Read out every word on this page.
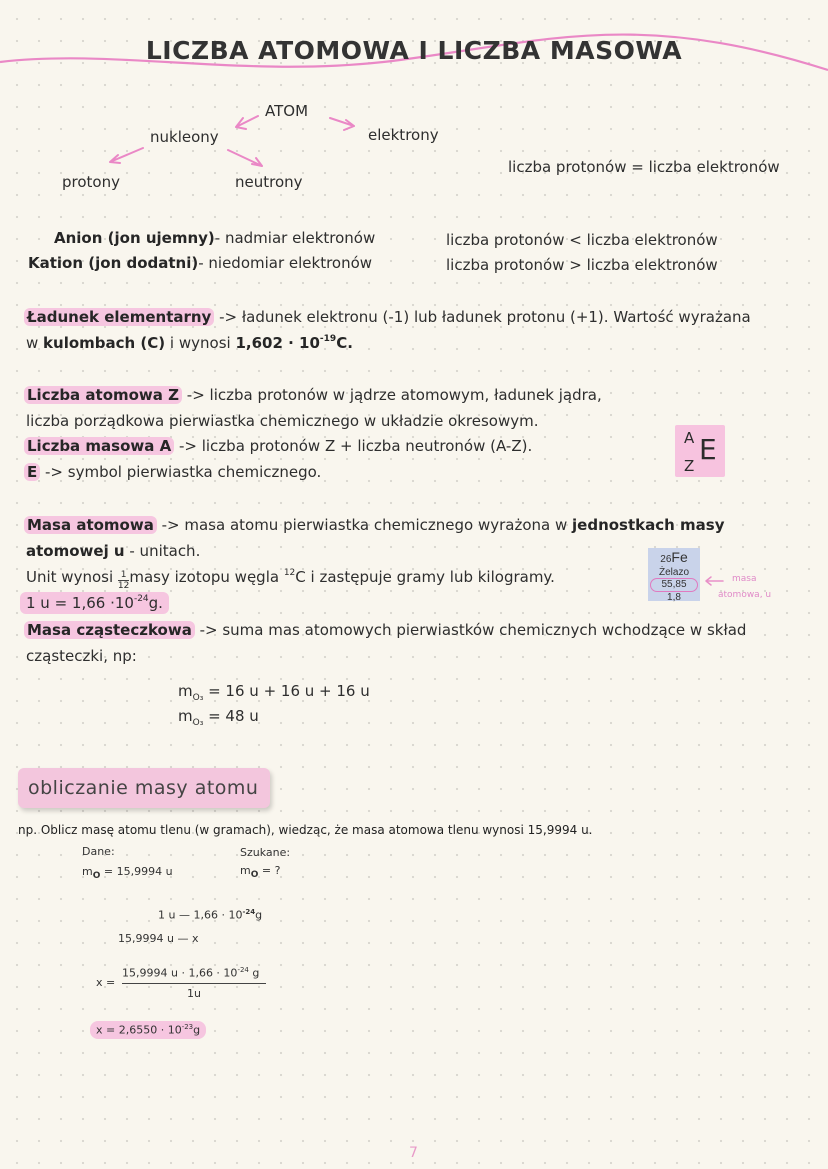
LICZBA ATOMOWA I LICZBA MASOWA
ATOM
nukleony	elektrony
protony	neutrony
liczba protonów = liczba elektronów
Anion (jon ujemny)- nadmiar elektronów	liczba protonów < liczba elektronów
Kation (jon dodatni)- niedomiar elektronów	liczba protonów > liczba elektronów
Ładunek elementarny -> ładunek elektronu (-1) lub ładunek protonu (+1). Wartość wyrażana
w kulombach (C) i wynosi $1,602 \cdot 10^{-19}C$.
Liczba atomowa Z -> liczba protonów w jądrze atomowym, ładunek jądra,
liczba porządkowa pierwiastka chemicznego w układzie okresowym.
Liczba masowa A -> liczba protonów Z + liczba neutronów (A-Z).
E -> symbol pierwiastka chemicznego.
A
Z E
Masa atomowa -> masa atomu pierwiastka chemicznego wyrażona w jednostkach masy
atomowej u - unitach.
Unit wynosi $\frac{1}{12}$ masy izotopu węgla $^{12}$C i zastępuje gramy lub kilogramy.
1 $u = 1,66 \cdot 10^{-24}g$.
Masa cząsteczkowa -> suma mas atomowych pierwiastków chemicznych wchodzące w skład
cząsteczki, np:
$m_{O_3} = 16$ u + 16 u + 16 u
$m_{O_3} = 48$ u
26Fe
Żelazo
55,85
1,8
masa
atomowa, u
obliczanie masy atomu
np. Oblicz masę atomu tlenu (w gramach), wiedząc, że masa atomowa tlenu wynosi 15,9994 u.
Dane:	Szukane:
$m_O = 15,9994$ u	$m_O$ = ?
1 u — $1,66 \cdot 10^{-24}g$
15,9994 u — x
x =
15,9994 $u \cdot 1,66 \cdot 10^{-24}$ g
1u
$x = 2,6550 \cdot 10^{-23}g$
7
